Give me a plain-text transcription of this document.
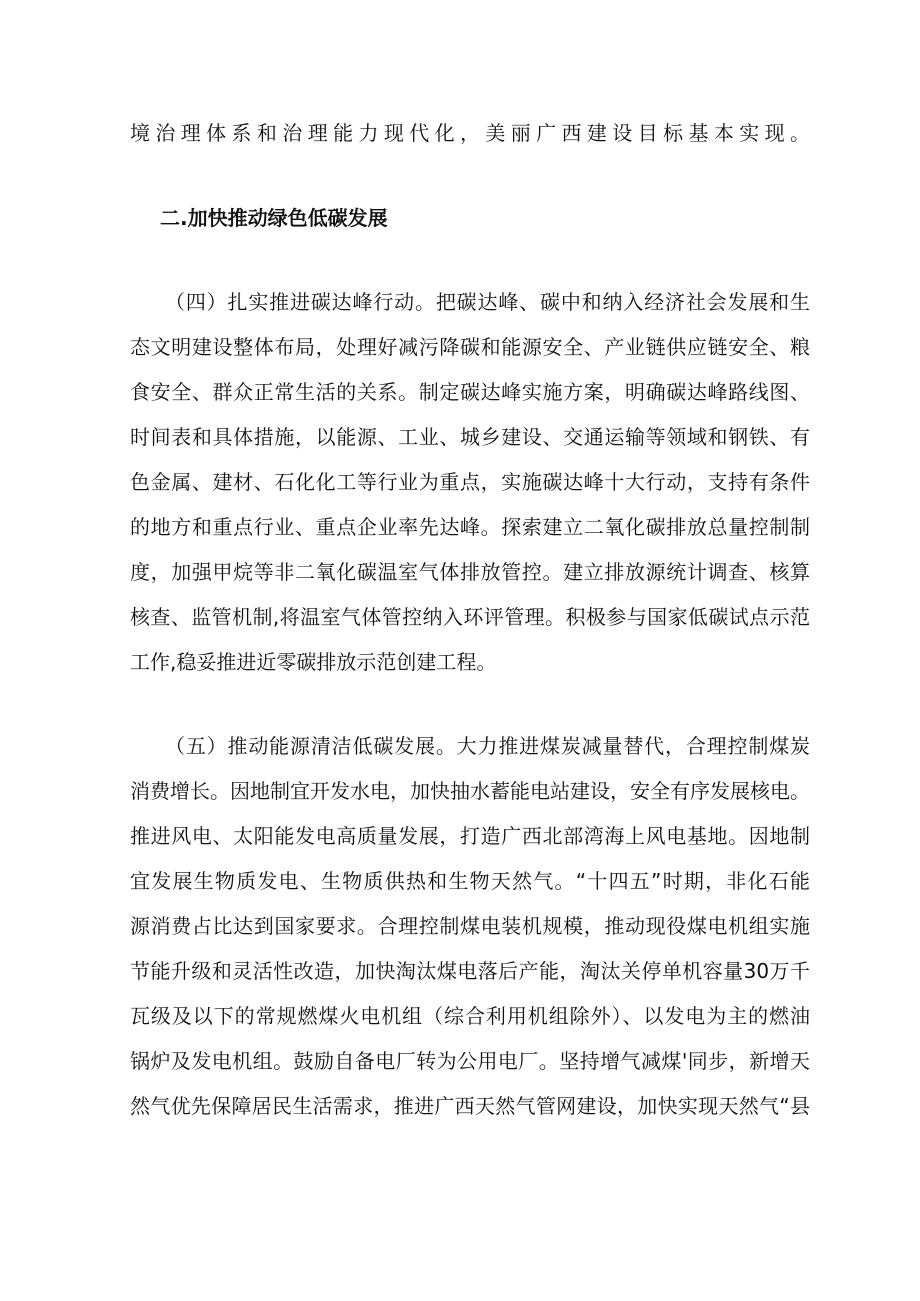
境治理体系和治理能力现代化，美丽广西建设目标基本实现。
二.加快推动绿色低碳发展
（四）扎实推进碳达峰行动。把碳达峰、碳中和纳入经济社会发展和生
态文明建设整体布局，处理好减污降碳和能源安全、产业链供应链安全、粮
食安全、群众正常生活的关系。制定碳达峰实施方案，明确碳达峰路线图、
时间表和具体措施，以能源、工业、城乡建设、交通运输等领域和钢铁、有
色金属、建材、石化化工等行业为重点，实施碳达峰十大行动，支持有条件
的地方和重点行业、重点企业率先达峰。探索建立二氧化碳排放总量控制制
度，加强甲烷等非二氧化碳温室气体排放管控。建立排放源统计调查、核算
核查、监管机制,将温室气体管控纳入环评管理。积极参与国家低碳试点示范
工作,稳妥推进近零碳排放示范创建工程。
（五）推动能源清洁低碳发展。大力推进煤炭减量替代，合理控制煤炭
消费增长。因地制宜开发水电，加快抽水蓄能电站建设，安全有序发展核电。
推进风电、太阳能发电高质量发展，打造广西北部湾海上风电基地。因地制
宜发展生物质发电、生物质供热和生物天然气。“十四五”时期，非化石能
源消费占比达到国家要求。合理控制煤电装机规模，推动现役煤电机组实施
节能升级和灵活性改造，加快淘汰煤电落后产能，淘汰关停单机容量30万千
瓦级及以下的常规燃煤火电机组（综合利用机组除外）、以发电为主的燃油
锅炉及发电机组。鼓励自备电厂转为公用电厂。坚持增气减煤'同步，新增天
然气优先保障居民生活需求，推进广西天然气管网建设，加快实现天然气“县
